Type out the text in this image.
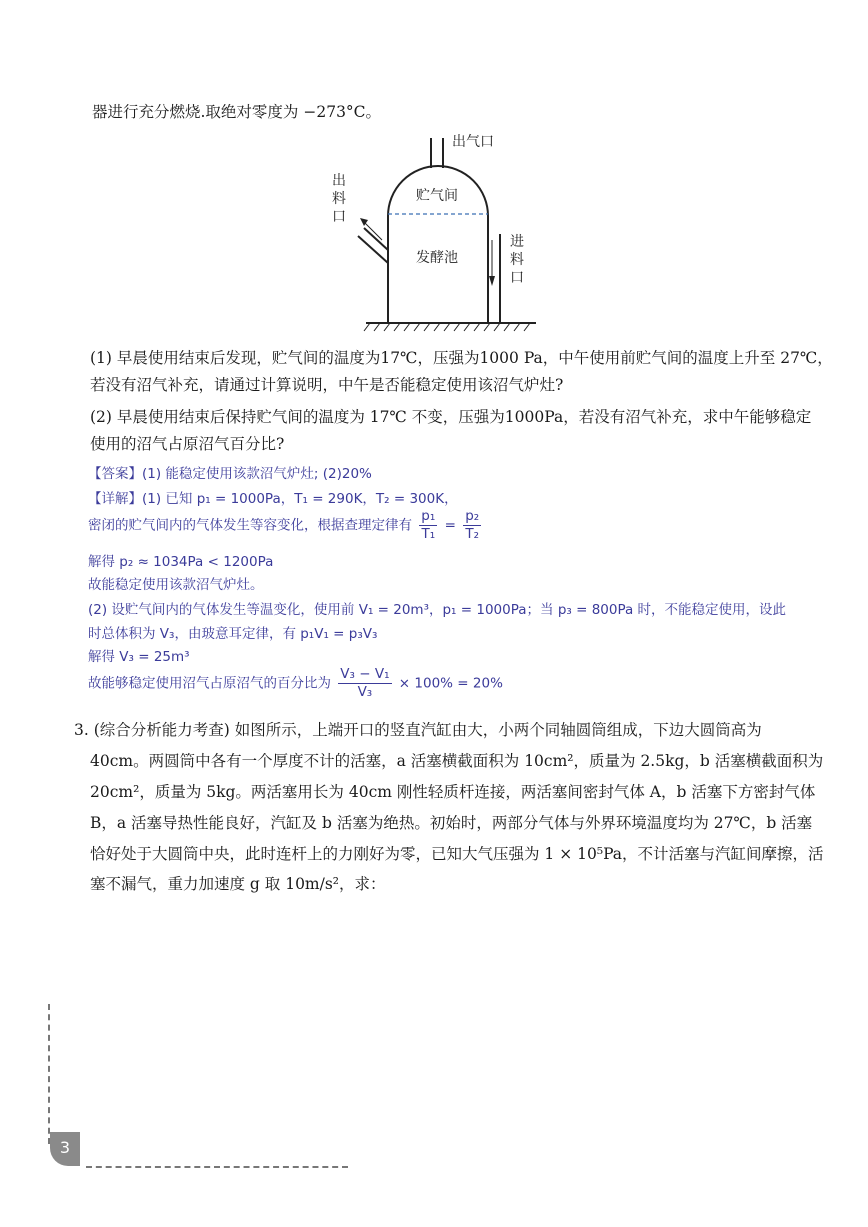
器进行充分燃烧.取绝对零度为 −273°C。
出气口
贮气间
发酵池
出
料
口
进
料
口
(1) 早晨使用结束后发现，贮气间的温度为17℃，压强为1000 Pa，中午使用前贮气间的温度上升至 27℃，
若没有沼气补充，请通过计算说明，中午是否能稳定使用该沼气炉灶?
(2) 早晨使用结束后保持贮气间的温度为 17℃ 不变，压强为1000Pa，若没有沼气补充，求中午能够稳定
使用的沼气占原沼气百分比?
【答案】(1) 能稳定使用该款沼气炉灶; (2)20%
【详解】(1) 已知 p₁ = 1000Pa，T₁ = 290K，T₂ = 300K，
密闭的贮气间内的气体发生等容变化，根据查理定律有 $\frac{\text{p₁}}{\text{T₁}} = \frac{\text{p₂}}{\text{T₂}}$
解得 p₂ ≈ 1034Pa < 1200Pa
故能稳定使用该款沼气炉灶。
(2) 设贮气间内的气体发生等温变化，使用前 V₁ = 20m³，p₁ = 1000Pa；当 p₃ = 800Pa 时，不能稳定使用，设此
时总体积为 V₃，由玻意耳定律，有 p₁V₁ = p₃V₃
解得 V₃ = 25m³
故能够稳定使用沼气占原沼气的百分比为 $\frac{\text{V₃ − V₁}}{\text{V₃}} \times 100\% = 20\%$
3. (综合分析能力考查) 如图所示，上端开口的竖直汽缸由大，小两个同轴圆筒组成，下边大圆筒高为
40cm。两圆筒中各有一个厚度不计的活塞，a 活塞横截面积为 10cm²，质量为 2.5kg，b 活塞横截面积为
20cm²，质量为 5kg。两活塞用长为 40cm 刚性轻质杆连接，两活塞间密封气体 A，b 活塞下方密封气体
B，a 活塞导热性能良好，汽缸及 b 活塞为绝热。初始时，两部分气体与外界环境温度均为 27℃，b 活塞
恰好处于大圆筒中央，此时连杆上的力刚好为零，已知大气压强为 1 × 10⁵Pa，不计活塞与汽缸间摩擦，活
塞不漏气，重力加速度 g 取 10m/s²，求：
3
